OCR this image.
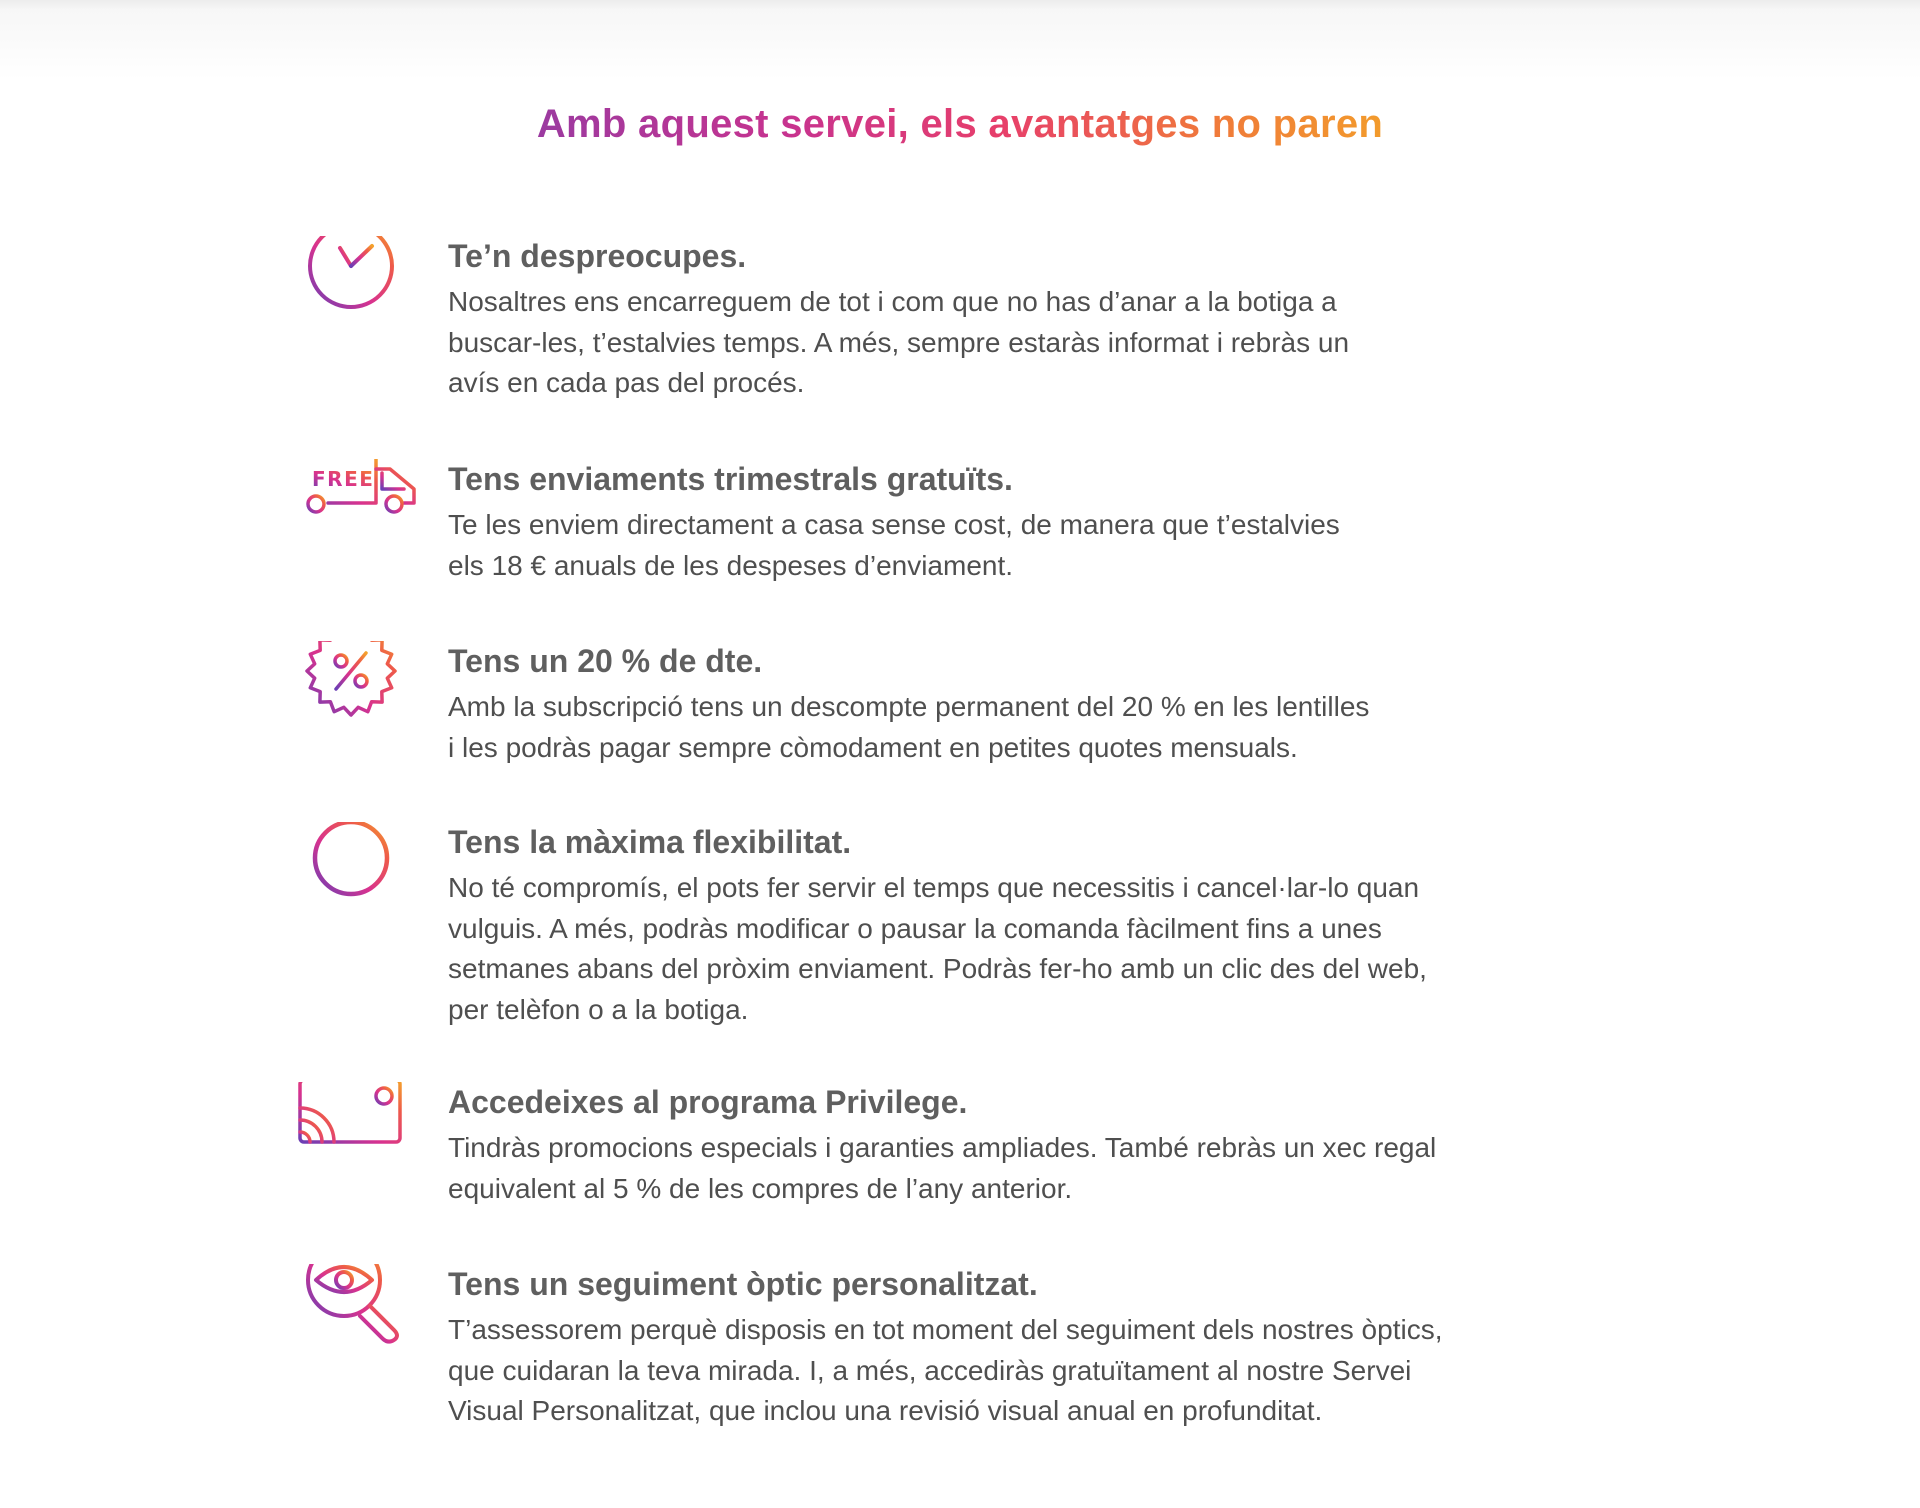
Amb aquest servei, els avantatges no paren
Te’n despreocupes.
Nosaltres ens encarreguem de tot i com que no has d’anar a la botiga a
buscar-les, t’estalvies temps. A més, sempre estaràs informat i rebràs un
avís en cada pas del procés.
FREE Tens enviaments trimestrals gratuïts.
Te les enviem directament a casa sense cost, de manera que t’estalvies
els 18 € anuals de les despeses d’enviament.
Tens un 20 % de dte.
Amb la subscripció tens un descompte permanent del 20 % en les lentilles
i les podràs pagar sempre còmodament en petites quotes mensuals.
Tens la màxima flexibilitat.
No té compromís, el pots fer servir el temps que necessitis i cancel·lar-lo quan
vulguis. A més, podràs modificar o pausar la comanda fàcilment fins a unes
setmanes abans del pròxim enviament. Podràs fer-ho amb un clic des del web,
per telèfon o a la botiga.
Accedeixes al programa Privilege.
Tindràs promocions especials i garanties ampliades. També rebràs un xec regal
equivalent al 5 % de les compres de l’any anterior.
Tens un seguiment òptic personalitzat.
T’assessorem perquè disposis en tot moment del seguiment dels nostres òptics,
que cuidaran la teva mirada. I, a més, accediràs gratuïtament al nostre Servei
Visual Personalitzat, que inclou una revisió visual anual en profunditat.
